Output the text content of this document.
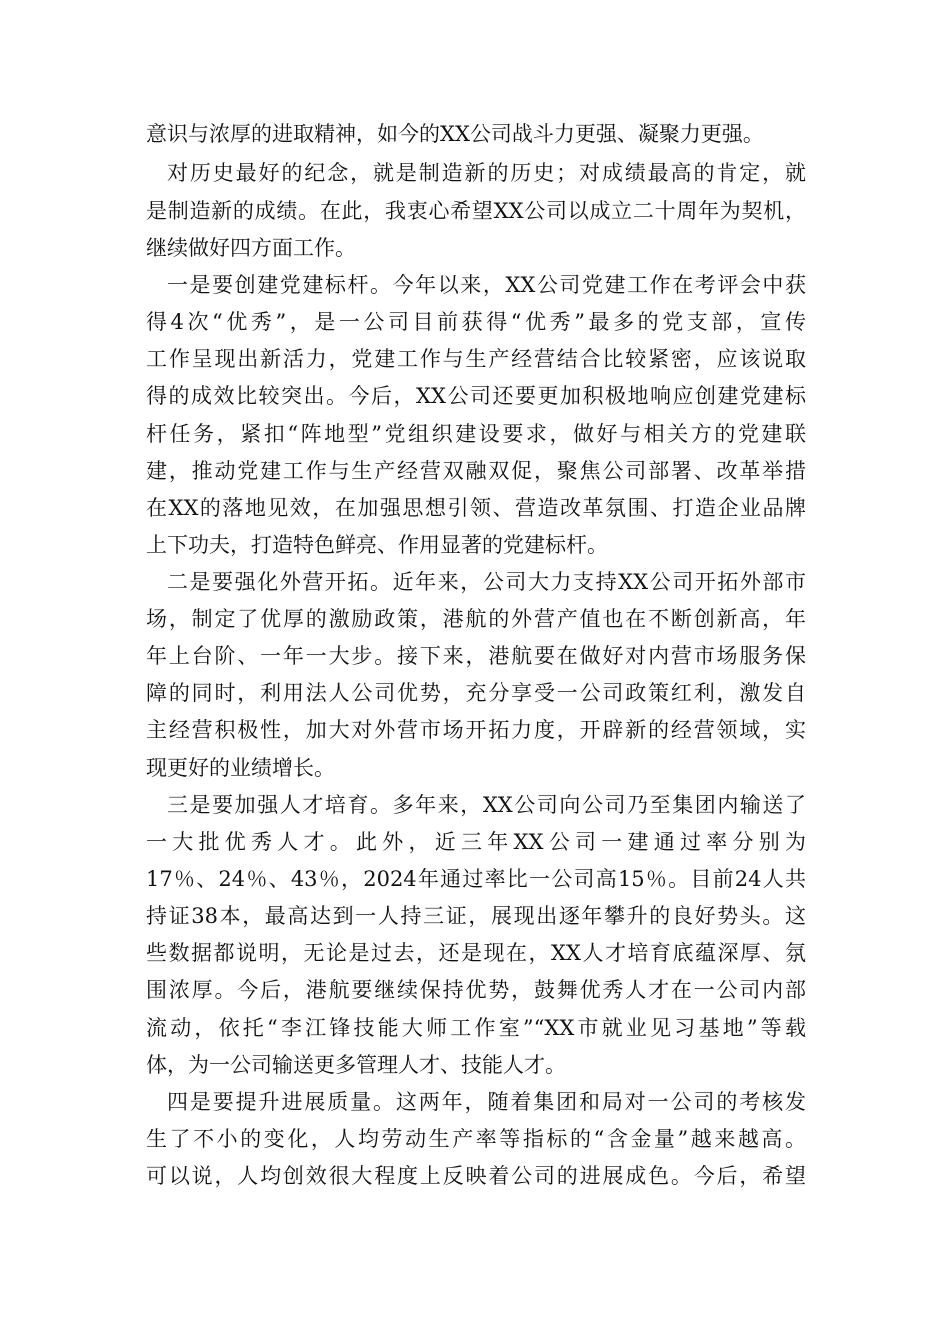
意识与浓厚的进取精神，如今的XX公司战斗力更强、凝聚力更强。
对历史最好的纪念，就是制造新的历史；对成绩最高的肯定，就
是制造新的成绩。在此，我衷心希望XX公司以成立二十周年为契机，
继续做好四方面工作。
一是要创建党建标杆。今年以来，XX公司党建工作在考评会中获
得4次“优秀”，是一公司目前获得“优秀”最多的党支部，宣传
工作呈现出新活力，党建工作与生产经营结合比较紧密，应该说取
得的成效比较突出。今后，XX公司还要更加积极地响应创建党建标
杆任务，紧扣“阵地型”党组织建设要求，做好与相关方的党建联
建，推动党建工作与生产经营双融双促，聚焦公司部署、改革举措
在XX的落地见效，在加强思想引领、营造改革氛围、打造企业品牌
上下功夫，打造特色鲜亮、作用显著的党建标杆。
二是要强化外营开拓。近年来，公司大力支持XX公司开拓外部市
场，制定了优厚的激励政策，港航的外营产值也在不断创新高，年
年上台阶、一年一大步。接下来，港航要在做好对内营市场服务保
障的同时，利用法人公司优势，充分享受一公司政策红利，激发自
主经营积极性，加大对外营市场开拓力度，开辟新的经营领域，实
现更好的业绩增长。
三是要加强人才培育。多年来，XX公司向公司乃至集团内输送了
一大批优秀人才。此外，近三年XX公司一建通过率分别为
17％、24％、43％，2024年通过率比一公司高15％。目前24人共
持证38本，最高达到一人持三证，展现出逐年攀升的良好势头。这
些数据都说明，无论是过去，还是现在，XX人才培育底蕴深厚、氛
围浓厚。今后，港航要继续保持优势，鼓舞优秀人才在一公司内部
流动，依托“李江锋技能大师工作室”“XX市就业见习基地”等载
体，为一公司输送更多管理人才、技能人才。
四是要提升进展质量。这两年，随着集团和局对一公司的考核发
生了不小的变化，人均劳动生产率等指标的“含金量”越来越高。
可以说，人均创效很大程度上反映着公司的进展成色。今后，希望
